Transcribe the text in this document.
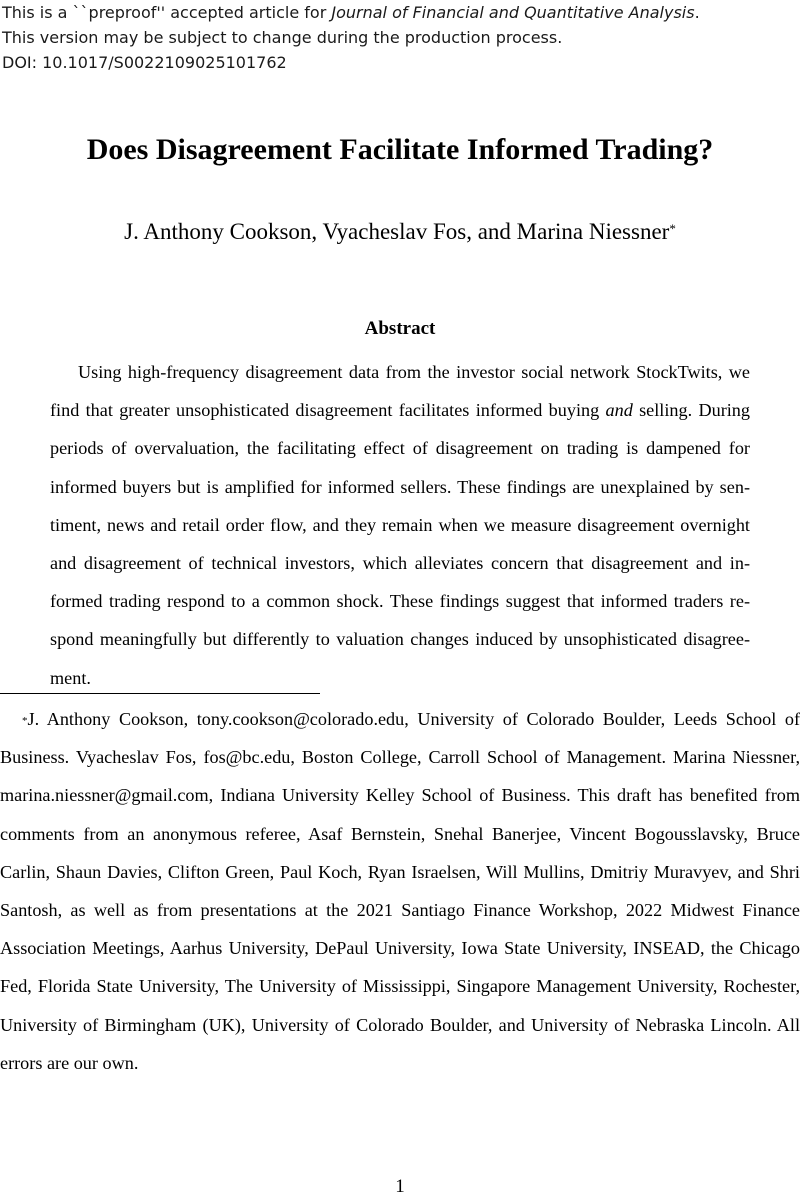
This is a ``preproof'' accepted article for Journal of Financial and Quantitative Analysis.
This version may be subject to change during the production process.
DOI: 10.1017/S0022109025101762
Does Disagreement Facilitate Informed Trading?
J. Anthony Cookson, Vyacheslav Fos, and Marina Niessner*
Abstract

Using high-frequency disagreement data from the investor social network StockTwits, we find that greater unsophisticated disagreement facilitates informed buying and selling. During periods of overvaluation, the facilitating effect of disagreement on trading is dampened for informed buyers but is amplified for informed sellers. These findings are unexplained by sentiment, news and retail order flow, and they remain when we measure disagreement overnight and disagreement of technical investors, which alleviates concern that disagreement and informed trading respond to a common shock. These findings suggest that informed traders respond meaningfully but differently to valuation changes induced by unsophisticated disagreement.

*J. Anthony Cookson, tony.cookson@colorado.edu, University of Colorado Boulder, Leeds School of Business. Vyacheslav Fos, fos@bc.edu, Boston College, Carroll School of Management. Marina Niessner, marina.niessner@gmail.com, Indiana University Kelley School of Business. This draft has benefited from comments from an anonymous referee, Asaf Bernstein, Snehal Banerjee, Vincent Bogousslavsky, Bruce Carlin, Shaun Davies, Clifton Green, Paul Koch, Ryan Israelsen, Will Mullins, Dmitriy Muravyev, and Shri Santosh, as well as from presentations at the 2021 Santiago Finance Workshop, 2022 Midwest Finance Association Meetings, Aarhus University, DePaul University, Iowa State University, INSEAD, the Chicago Fed, Florida State University, The University of Mississippi, Singapore Management University, Rochester, University of Birmingham (UK), University of Colorado Boulder, and University of Nebraska Lincoln. All errors are our own.

1
